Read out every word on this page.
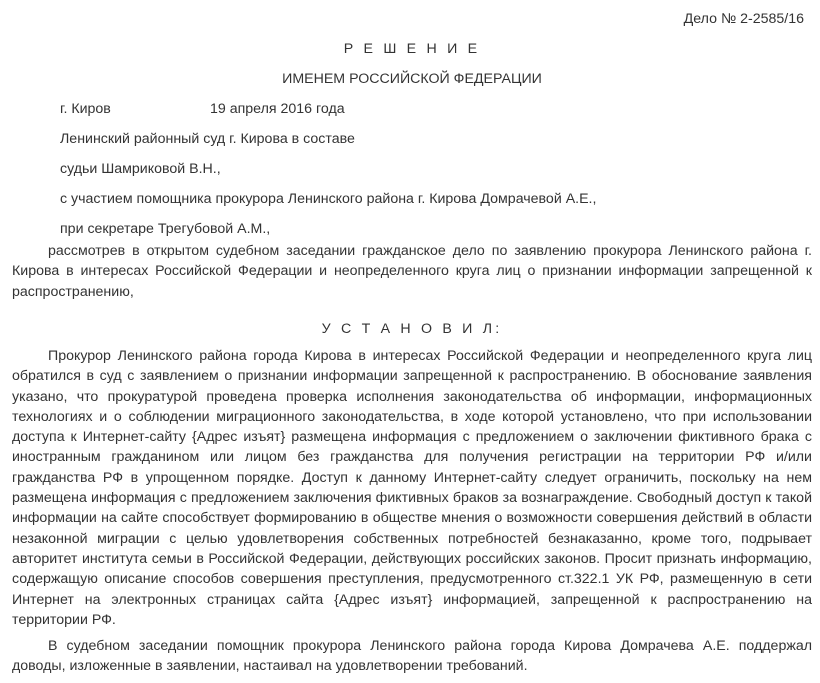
Дело № 2-2585/16
Р Е Ш Е Н И Е
ИМЕНЕМ РОССИЙСКОЙ ФЕДЕРАЦИИ
г. Киров	19 апреля 2016 года
Ленинский районный суд г. Кирова в составе
судьи Шамриковой В.Н.,
с участием помощника прокурора Ленинского района г. Кирова Домрачевой А.Е.,
при секретаре Трегубовой А.М.,

рассмотрев в открытом судебном заседании гражданское дело по заявлению прокурора Ленинского района г. Кирова в интересах Российской Федерации и неопределенного круга лиц о признании информации запрещенной к распространению,

У С Т А Н О В И Л:

Прокурор Ленинского района города Кирова в интересах Российской Федерации и неопределенного круга лиц обратился в суд с заявлением о признании информации запрещенной к распространению. В обоснование заявления указано, что прокуратурой проведена проверка исполнения законодательства об информации, информационных технологиях и о соблюдении миграционного законодательства, в ходе которой установлено, что при использовании доступа к Интернет-сайту {Адрес изъят} размещена информация с предложением о заключении фиктивного брака с иностранным гражданином или лицом без гражданства для получения регистрации на территории РФ и/или гражданства РФ в упрощенном порядке. Доступ к данному Интернет-сайту следует ограничить, поскольку на нем размещена информация с предложением заключения фиктивных браков за вознаграждение. Свободный доступ к такой информации на сайте способствует формированию в обществе мнения о возможности совершения действий в области незаконной миграции с целью удовлетворения собственных потребностей безнаказанно, кроме того, подрывает авторитет института семьи в Российской Федерации, действующих российских законов. Просит признать информацию, содержащую описание способов совершения преступления, предусмотренного ст.322.1 УК РФ, размещенную в сети Интернет на электронных страницах сайта {Адрес изъят} информацией, запрещенной к распространению на территории РФ.

В судебном заседании помощник прокурора Ленинского района города Кирова Домрачева А.Е. поддержал доводы, изложенные в заявлении, настаивал на удовлетворении требований.
